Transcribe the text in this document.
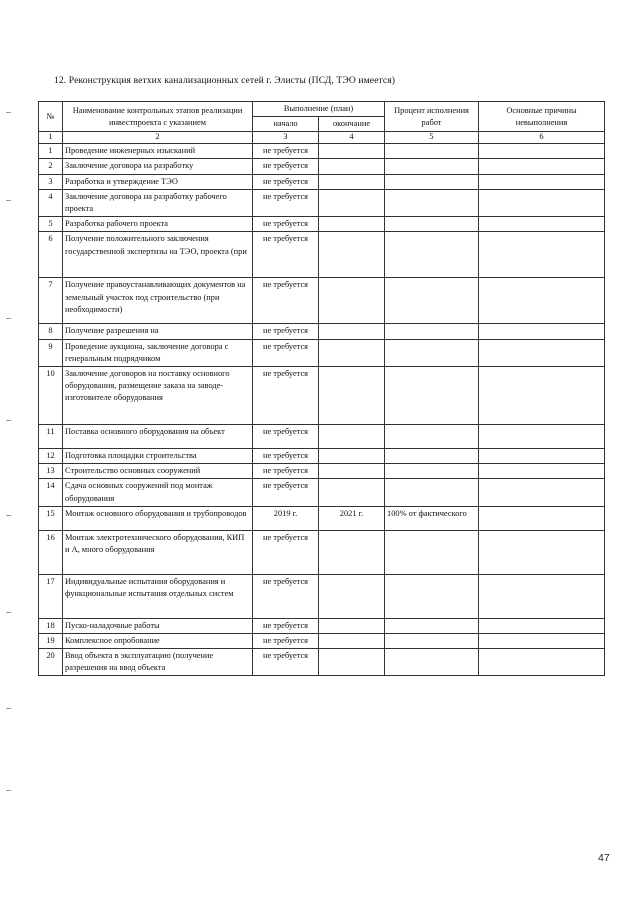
12. Реконструкция ветхих канализационных сетей г. Элисты (ПСД, ТЭО имеется)
№	Наименование контрольных этапов реализации инвестпроекта с указанием	Выполнение (план)		Процент исполнения работ	Основные причины невыполнения
		начало	окончание		
1	2	3	4	5	6
1	Проведение инженерных изысканий	не требуется			
2	Заключение договора на разработку	не требуется			
3	Разработка и утверждение ТЭО	не требуется			
4	Заключение договора на разработку рабочего проекта	не требуется			
5	Разработка рабочего проекта	не требуется			
6	Получение положительного заключения государственной экспертизы на ТЭО, проекта (при	не требуется			
7	Получение правоустанавливающих документов на земельный участок под строительство (при необходимости)	не требуется			
8	Получение разрешения на	не требуется			
9	Проведение аукциона, заключение договора с генеральным подрядчиком	не требуется			
10	Заключение договоров на поставку основного оборудования, размещение заказа на заводе-изготовителе оборудования	не требуется			
11	Поставка основного оборудования на объект	не требуется			
12	Подготовка площадки строительства	не требуется			
13	Строительство основных сооружений	не требуется			
14	Сдача основных сооружений под монтаж оборудования	не требуется			
15	Монтаж основного оборудования и трубопроводов	2019 г.	2021 г.	100% от фактического	
16	Монтаж электротехнического оборудования, КИП и А, много оборудования	не требуется			
17	Индивидуальные испытания оборудования и функциональные испытания отдельных систем	не требуется			
18	Пуско-наладочные работы	не требуется			
19	Комплексное опробование	не требуется			
20	Ввод объекта в эксплуатацию (получение разрешения на ввод объекта	не требуется			
47
